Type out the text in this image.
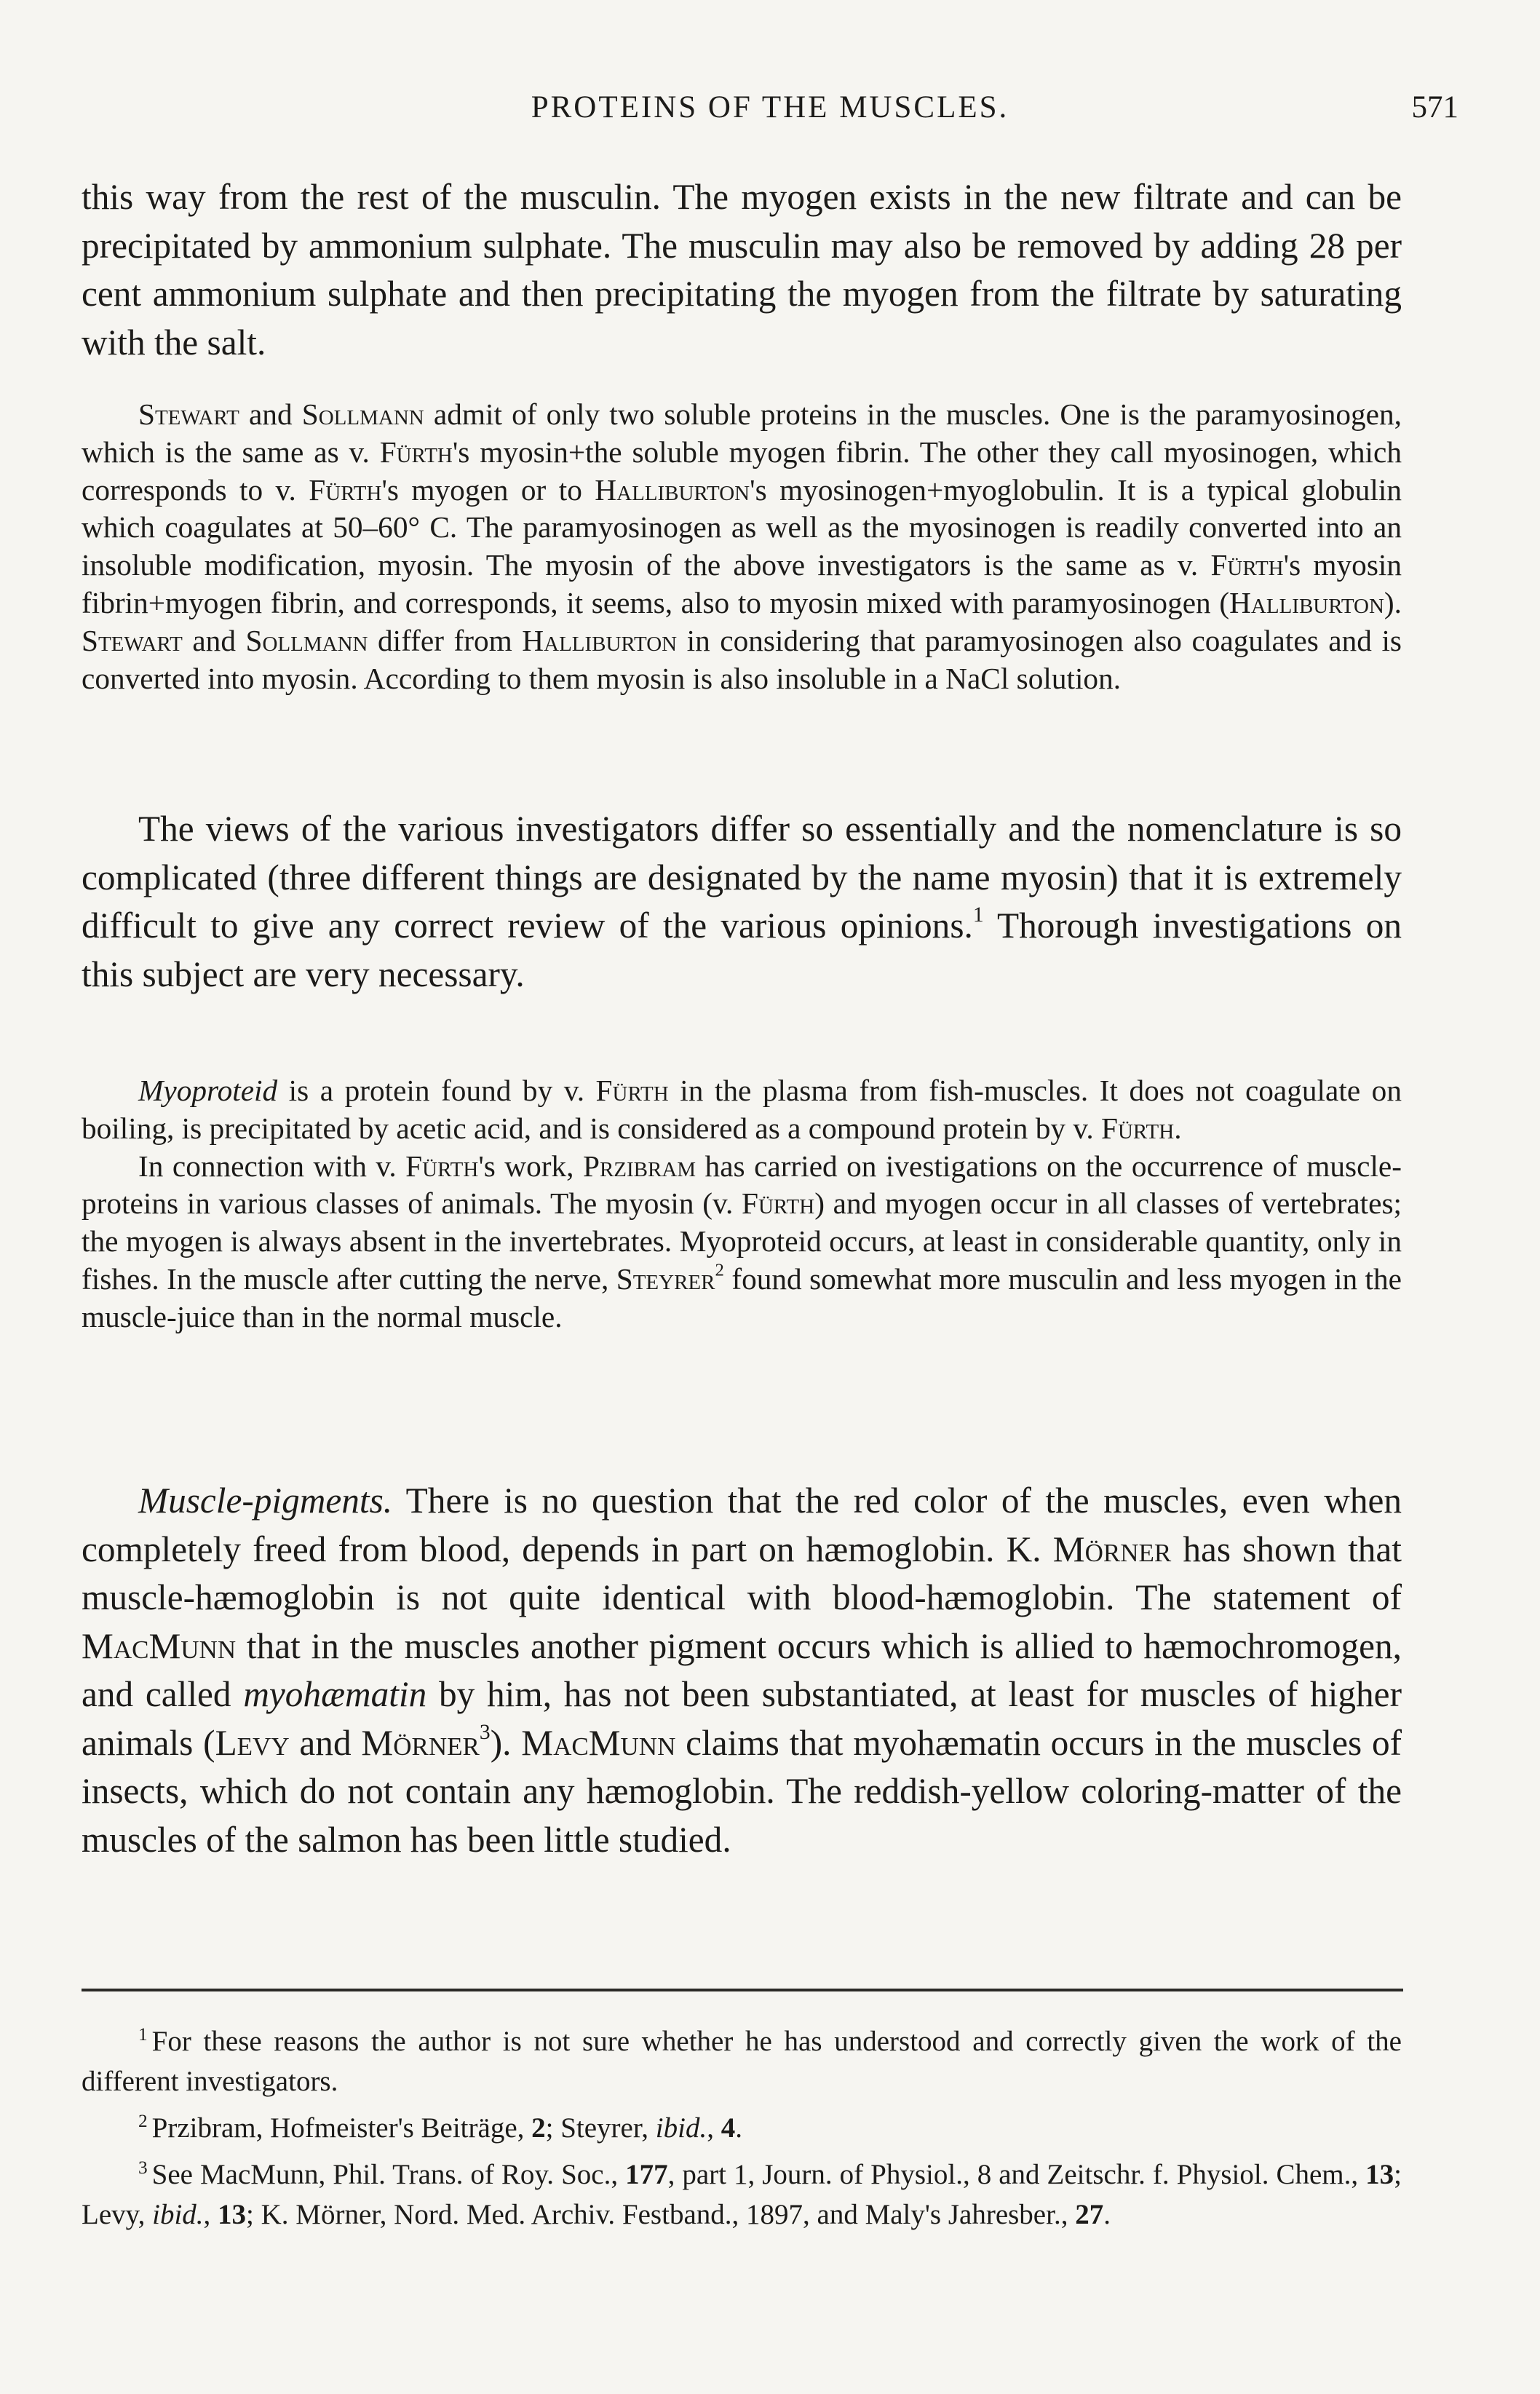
PROTEINS OF THE MUSCLES.	571

this way from the rest of the musculin. The myogen exists in the new filtrate and can be precipitated by ammonium sulphate. The musculin may also be removed by adding 28 per cent ammonium sulphate and then precipitating the myogen from the filtrate by saturating with the salt.

Stewart and Sollmann admit of only two soluble proteins in the muscles. One is the paramyosinogen, which is the same as v. Fürth's myosin+the soluble myogen fibrin. The other they call myosinogen, which corresponds to v. Fürth's myogen or to Halliburton's myosinogen+myoglobulin. It is a typical globulin which coagulates at 50–60° C. The paramyosinogen as well as the myosinogen is readily converted into an insoluble modification, myosin. The myosin of the above investigators is the same as v. Fürth's myosin fibrin+myogen fibrin, and corresponds, it seems, also to myosin mixed with paramyosinogen (Halliburton). Stewart and Sollmann differ from Halliburton in considering that paramyosinogen also coagulates and is converted into myosin. According to them myosin is also insoluble in a NaCl solution.

The views of the various investigators differ so essentially and the nomenclature is so complicated (three different things are designated by the name myosin) that it is extremely difficult to give any correct review of the various opinions.$^1$ Thorough investigations on this subject are very necessary.

Myoproteid is a protein found by v. Fürth in the plasma from fish-muscles. It does not coagulate on boiling, is precipitated by acetic acid, and is considered as a compound protein by v. Fürth.

In connection with v. Fürth's work, Przibram has carried on ivestigations on the occurrence of muscle-proteins in various classes of animals. The myosin (v. Fürth) and myogen occur in all classes of vertebrates; the myogen is always absent in the invertebrates. Myoproteid occurs, at least in considerable quantity, only in fishes. In the muscle after cutting the nerve, Steyrer$^2$ found somewhat more musculin and less myogen in the muscle-juice than in the normal muscle.

Muscle-pigments. There is no question that the red color of the muscles, even when completely freed from blood, depends in part on hæmoglobin. K. Mörner has shown that muscle-hæmoglobin is not quite identical with blood-hæmoglobin. The statement of MacMunn that in the muscles another pigment occurs which is allied to hæmochromogen, and called myohæmatin by him, has not been substantiated, at least for muscles of higher animals (Levy and Mörner$^3$). MacMunn claims that myohæmatin occurs in the muscles of insects, which do not contain any hæmoglobin. The reddish-yellow coloring-matter of the muscles of the salmon has been little studied.

$^1$ For these reasons the author is not sure whether he has understood and correctly given the work of the different investigators.

$^2$ Przibram, Hofmeister's Beiträge, 2; Steyrer, ibid., 4.

$^3$ See MacMunn, Phil. Trans. of Roy. Soc., 177, part 1, Journ. of Physiol., 8 and Zeitschr. f. Physiol. Chem., 13; Levy, ibid., 13; K. Mörner, Nord. Med. Archiv. Festband., 1897, and Maly's Jahresber., 27.
